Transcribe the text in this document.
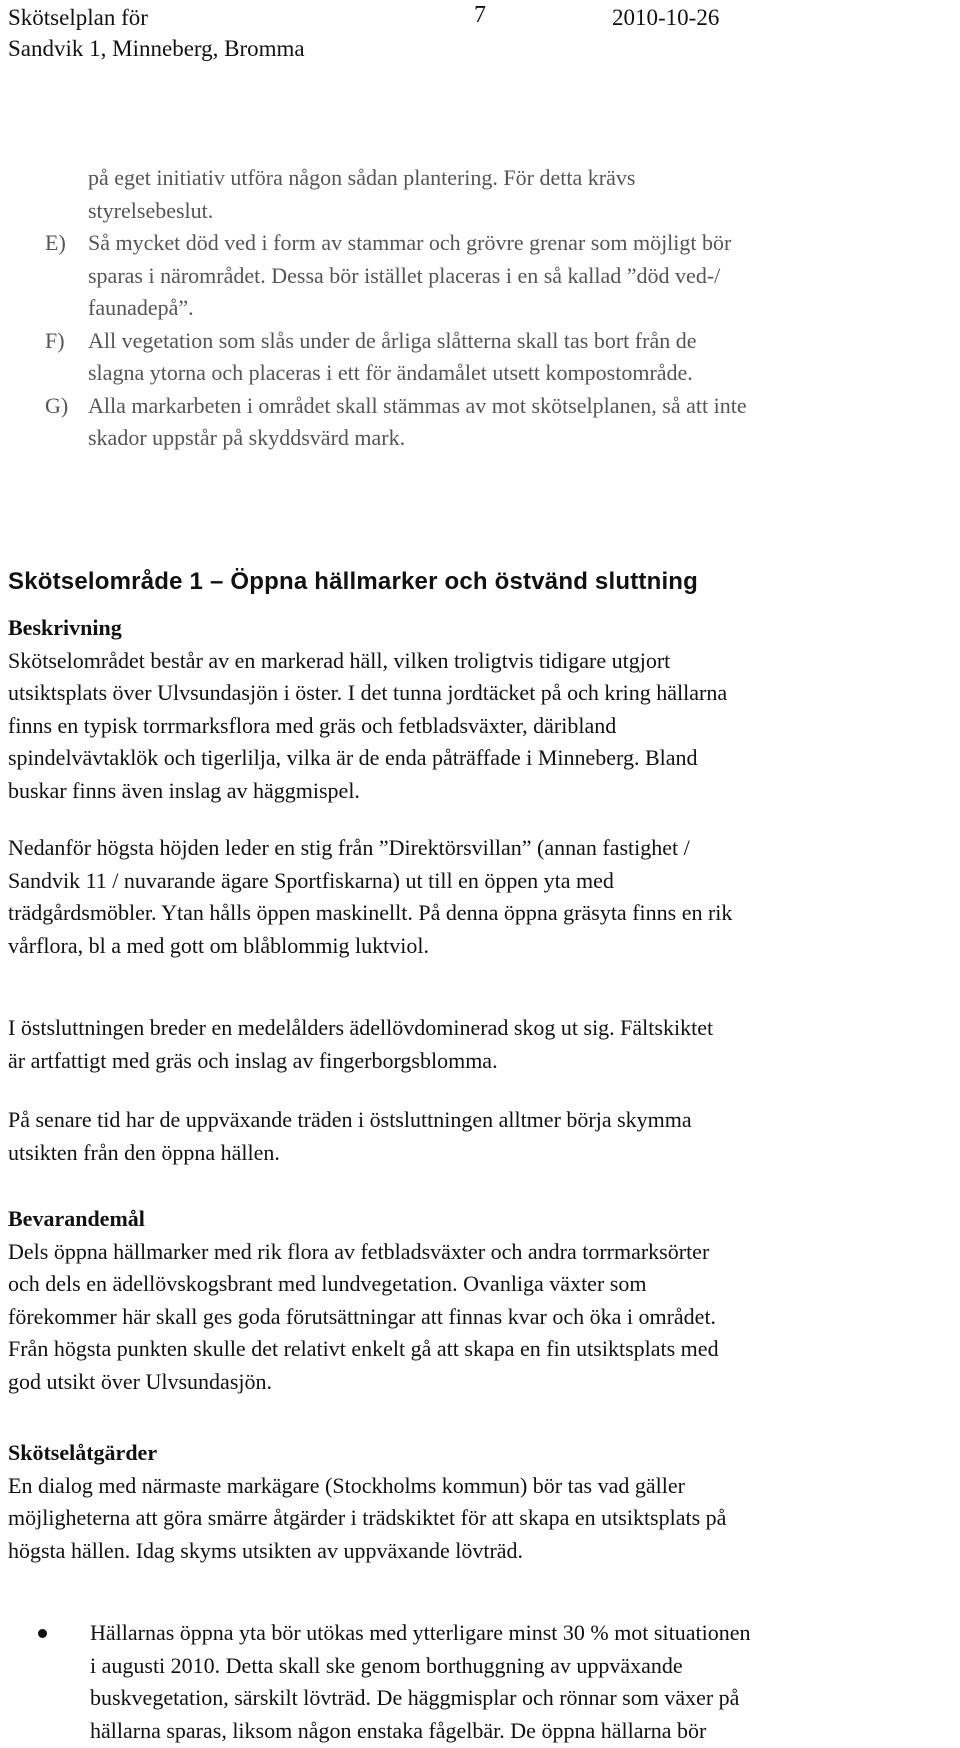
Skötselplan för
Sandvik 1, Minneberg, Bromma
7	2010-10-26
på eget initiativ utföra någon sådan plantering. För detta krävs
styrelsebeslut.
E) Så mycket död ved i form av stammar och grövre grenar som möjligt bör
sparas i närområdet. Dessa bör istället placeras i en så kallad ”död ved-/
faunadepå”.
F) All vegetation som slås under de årliga slåtterna skall tas bort från de
slagna ytorna och placeras i ett för ändamålet utsett kompostområde.
G) Alla markarbeten i området skall stämmas av mot skötselplanen, så att inte
skador uppstår på skyddsvärd mark.
Skötselområde 1 – Öppna hällmarker och östvänd sluttning
Beskrivning

Skötselområdet består av en markerad häll, vilken troligtvis tidigare utgjort
utsiktsplats över Ulvsundasjön i öster. I det tunna jordtäcket på och kring hällarna
finns en typisk torrmarksflora med gräs och fetbladsväxter, däribland
spindelvävtaklök och tigerlilja, vilka är de enda påträffade i Minneberg. Bland
buskar finns även inslag av häggmispel.

Nedanför högsta höjden leder en stig från ”Direktörsvillan” (annan fastighet /
Sandvik 11 / nuvarande ägare Sportfiskarna) ut till en öppen yta med
trädgårdsmöbler. Ytan hålls öppen maskinellt. På denna öppna gräsyta finns en rik
vårflora, bl a med gott om blåblommig luktviol.
I östsluttningen breder en medelålders ädellövdominerad skog ut sig. Fältskiktet
är artfattigt med gräs och inslag av fingerborgsblomma.
På senare tid har de uppväxande träden i östsluttningen alltmer börja skymma
utsikten från den öppna hällen.
Bevarandemål
Dels öppna hällmarker med rik flora av fetbladsväxter och andra torrmarksörter
och dels en ädellövskogsbrant med lundvegetation. Ovanliga växter som
förekommer här skall ges goda förutsättningar att finnas kvar och öka i området.
Från högsta punkten skulle det relativt enkelt gå att skapa en fin utsiktsplats med
god utsikt över Ulvsundasjön.
Skötselåtgärder
En dialog med närmaste markägare (Stockholms kommun) bör tas vad gäller
möjligheterna att göra smärre åtgärder i trädskiktet för att skapa en utsiktsplats på
högsta hällen. Idag skyms utsikten av uppväxande lövträd.
Hällarnas öppna yta bör utökas med ytterligare minst 30 % mot situationen
i augusti 2010. Detta skall ske genom borthuggning av uppväxande
buskvegetation, särskilt lövträd. De häggmisplar och rönnar som växer på
hällarna sparas, liksom någon enstaka fågelbär. De öppna hällarna bör
